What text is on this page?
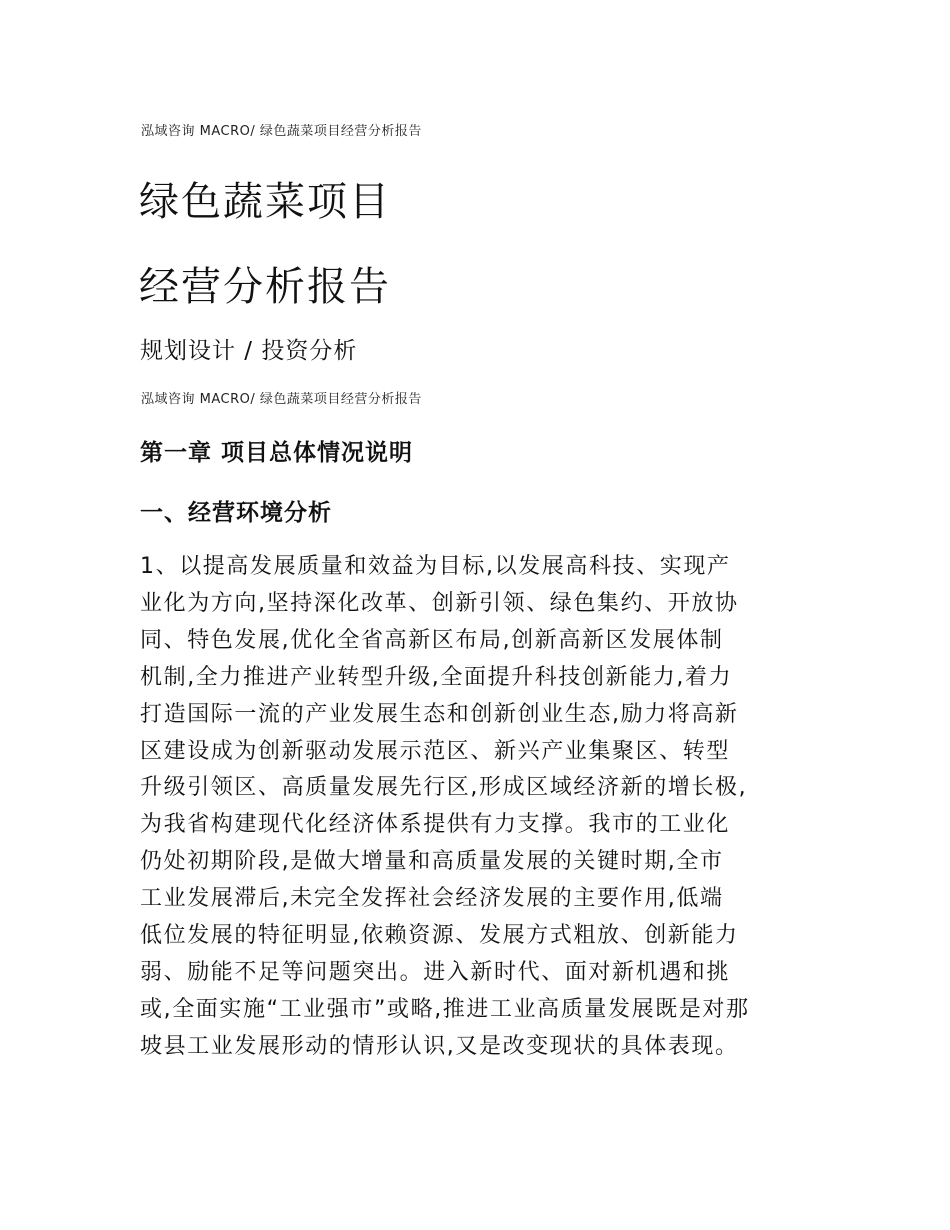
泓域咨询 MACRO/ 绿色蔬菜项目经营分析报告
绿色蔬菜项目
经营分析报告
规划设计 / 投资分析
泓域咨询 MACRO/ 绿色蔬菜项目经营分析报告
第一章 项目总体情况说明
一、经营环境分析
1、以提高发展质量和效益为目标,以发展高科技、实现产
业化为方向,坚持深化改革、创新引领、绿色集约、开放协
同、特色发展,优化全省高新区布局,创新高新区发展体制
机制,全力推进产业转型升级,全面提升科技创新能力,着力
打造国际一流的产业发展生态和创新创业生态,励力将高新
区建设成为创新驱动发展示范区、新兴产业集聚区、转型
升级引领区、高质量发展先行区,形成区域经济新的增长极,
为我省构建现代化经济体系提供有力支撑。我市的工业化
仍处初期阶段,是做大增量和高质量发展的关键时期,全市
工业发展滞后,未完全发挥社会经济发展的主要作用,低端
低位发展的特征明显,依赖资源、发展方式粗放、创新能力
弱、励能不足等问题突出。进入新时代、面对新机遇和挑
或,全面实施“工业强市”或略,推进工业高质量发展既是对那
坡县工业发展形动的情形认识,又是改变现状的具体表现。
